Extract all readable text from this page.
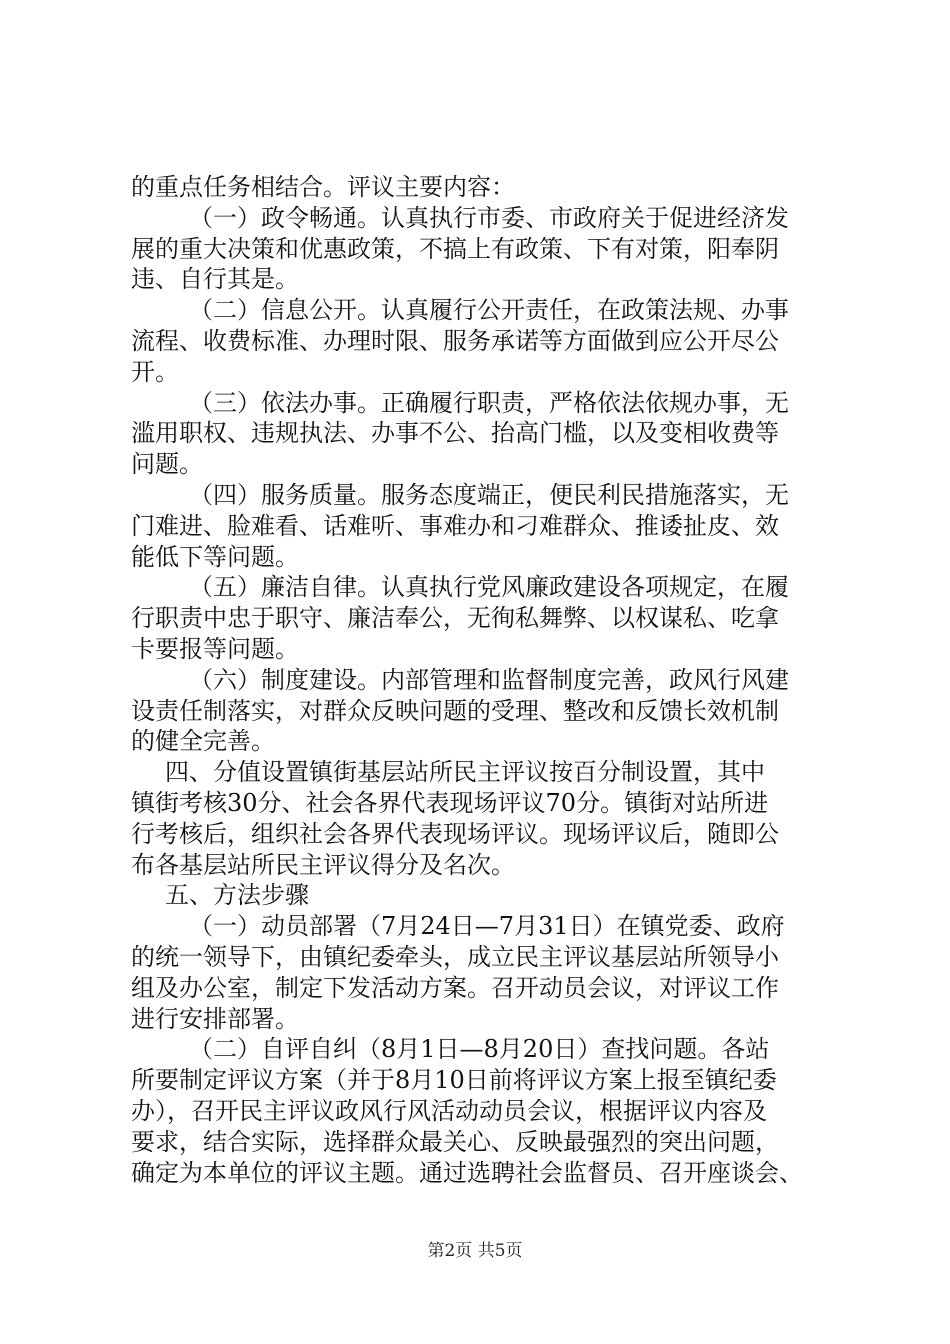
的重点任务相结合。评议主要内容：
（一）政令畅通。认真执行市委、市政府关于促进经济发
展的重大决策和优惠政策，不搞上有政策、下有对策，阳奉阴
违、自行其是。
（二）信息公开。认真履行公开责任，在政策法规、办事
流程、收费标准、办理时限、服务承诺等方面做到应公开尽公
开。
（三）依法办事。正确履行职责，严格依法依规办事，无
滥用职权、违规执法、办事不公、抬高门槛，以及变相收费等
问题。
（四）服务质量。服务态度端正，便民利民措施落实，无
门难进、脸难看、话难听、事难办和刁难群众、推诿扯皮、效
能低下等问题。
（五）廉洁自律。认真执行党风廉政建设各项规定，在履
行职责中忠于职守、廉洁奉公，无徇私舞弊、以权谋私、吃拿
卡要报等问题。
（六）制度建设。内部管理和监督制度完善，政风行风建
设责任制落实，对群众反映问题的受理、整改和反馈长效机制
的健全完善。
四、分值设置镇街基层站所民主评议按百分制设置，其中
镇街考核30分、社会各界代表现场评议70分。镇街对站所进
行考核后，组织社会各界代表现场评议。现场评议后，随即公
布各基层站所民主评议得分及名次。
五、方法步骤
（一）动员部署（7月24日—7月31日）在镇党委、政府
的统一领导下，由镇纪委牵头，成立民主评议基层站所领导小
组及办公室，制定下发活动方案。召开动员会议，对评议工作
进行安排部署。
（二）自评自纠（8月1日—8月20日）查找问题。各站
所要制定评议方案（并于8月10日前将评议方案上报至镇纪委
办），召开民主评议政风行风活动动员会议，根据评议内容及
要求，结合实际，选择群众最关心、反映最强烈的突出问题，
确定为本单位的评议主题。通过选聘社会监督员、召开座谈会、
第2页 共5页
